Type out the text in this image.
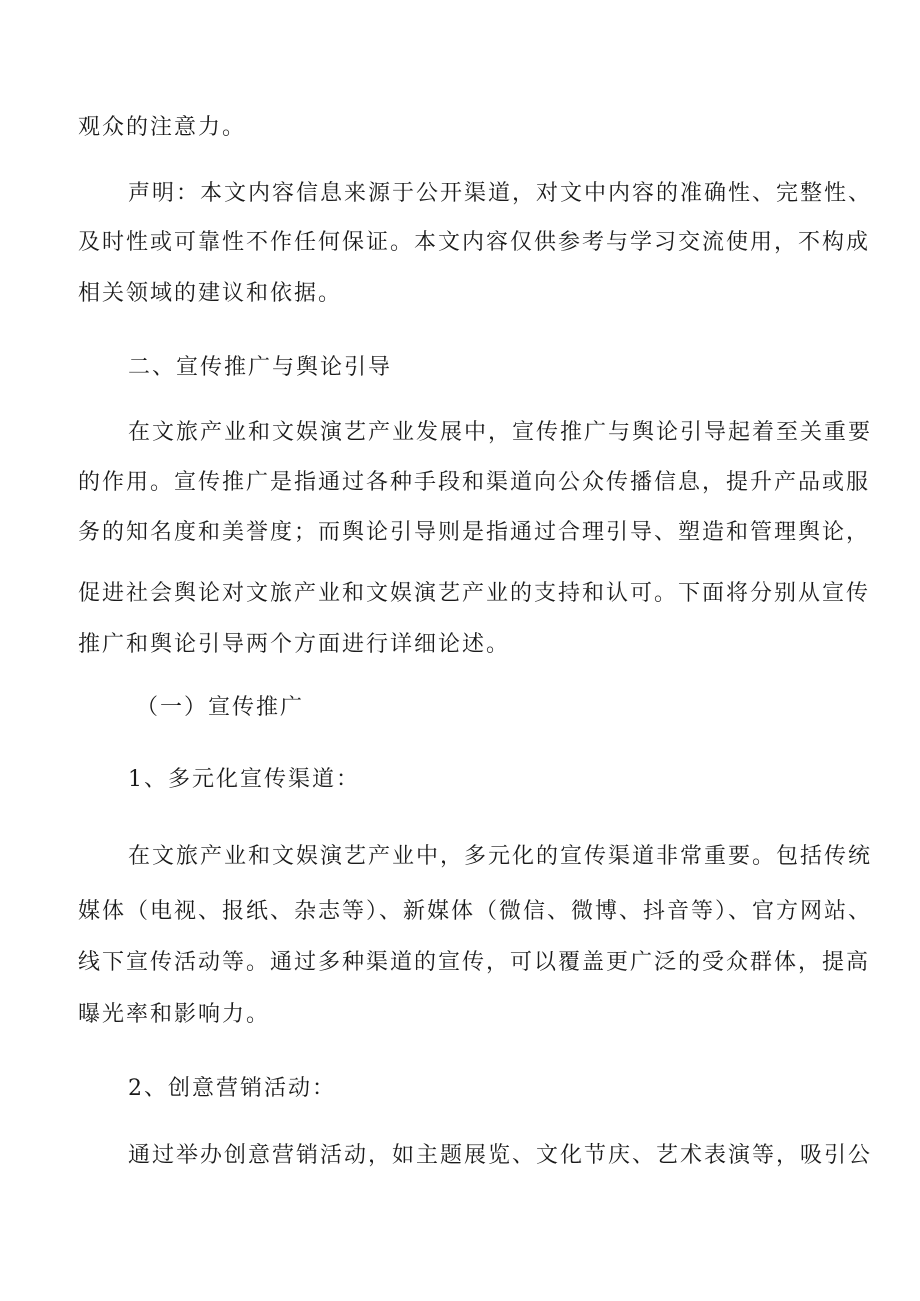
观众的注意力。
声明：本文内容信息来源于公开渠道，对文中内容的准确性、完整性、
及时性或可靠性不作任何保证。本文内容仅供参考与学习交流使用，不构成
相关领域的建议和依据。
二、宣传推广与舆论引导
在文旅产业和文娱演艺产业发展中，宣传推广与舆论引导起着至关重要
的作用。宣传推广是指通过各种手段和渠道向公众传播信息，提升产品或服
务的知名度和美誉度；而舆论引导则是指通过合理引导、塑造和管理舆论，
促进社会舆论对文旅产业和文娱演艺产业的支持和认可。下面将分别从宣传
推广和舆论引导两个方面进行详细论述。
（一）宣传推广
1、多元化宣传渠道：
在文旅产业和文娱演艺产业中，多元化的宣传渠道非常重要。包括传统
媒体（电视、报纸、杂志等）、新媒体（微信、微博、抖音等）、官方网站、
线下宣传活动等。通过多种渠道的宣传，可以覆盖更广泛的受众群体，提高
曝光率和影响力。
2、创意营销活动：
通过举办创意营销活动，如主题展览、文化节庆、艺术表演等，吸引公
